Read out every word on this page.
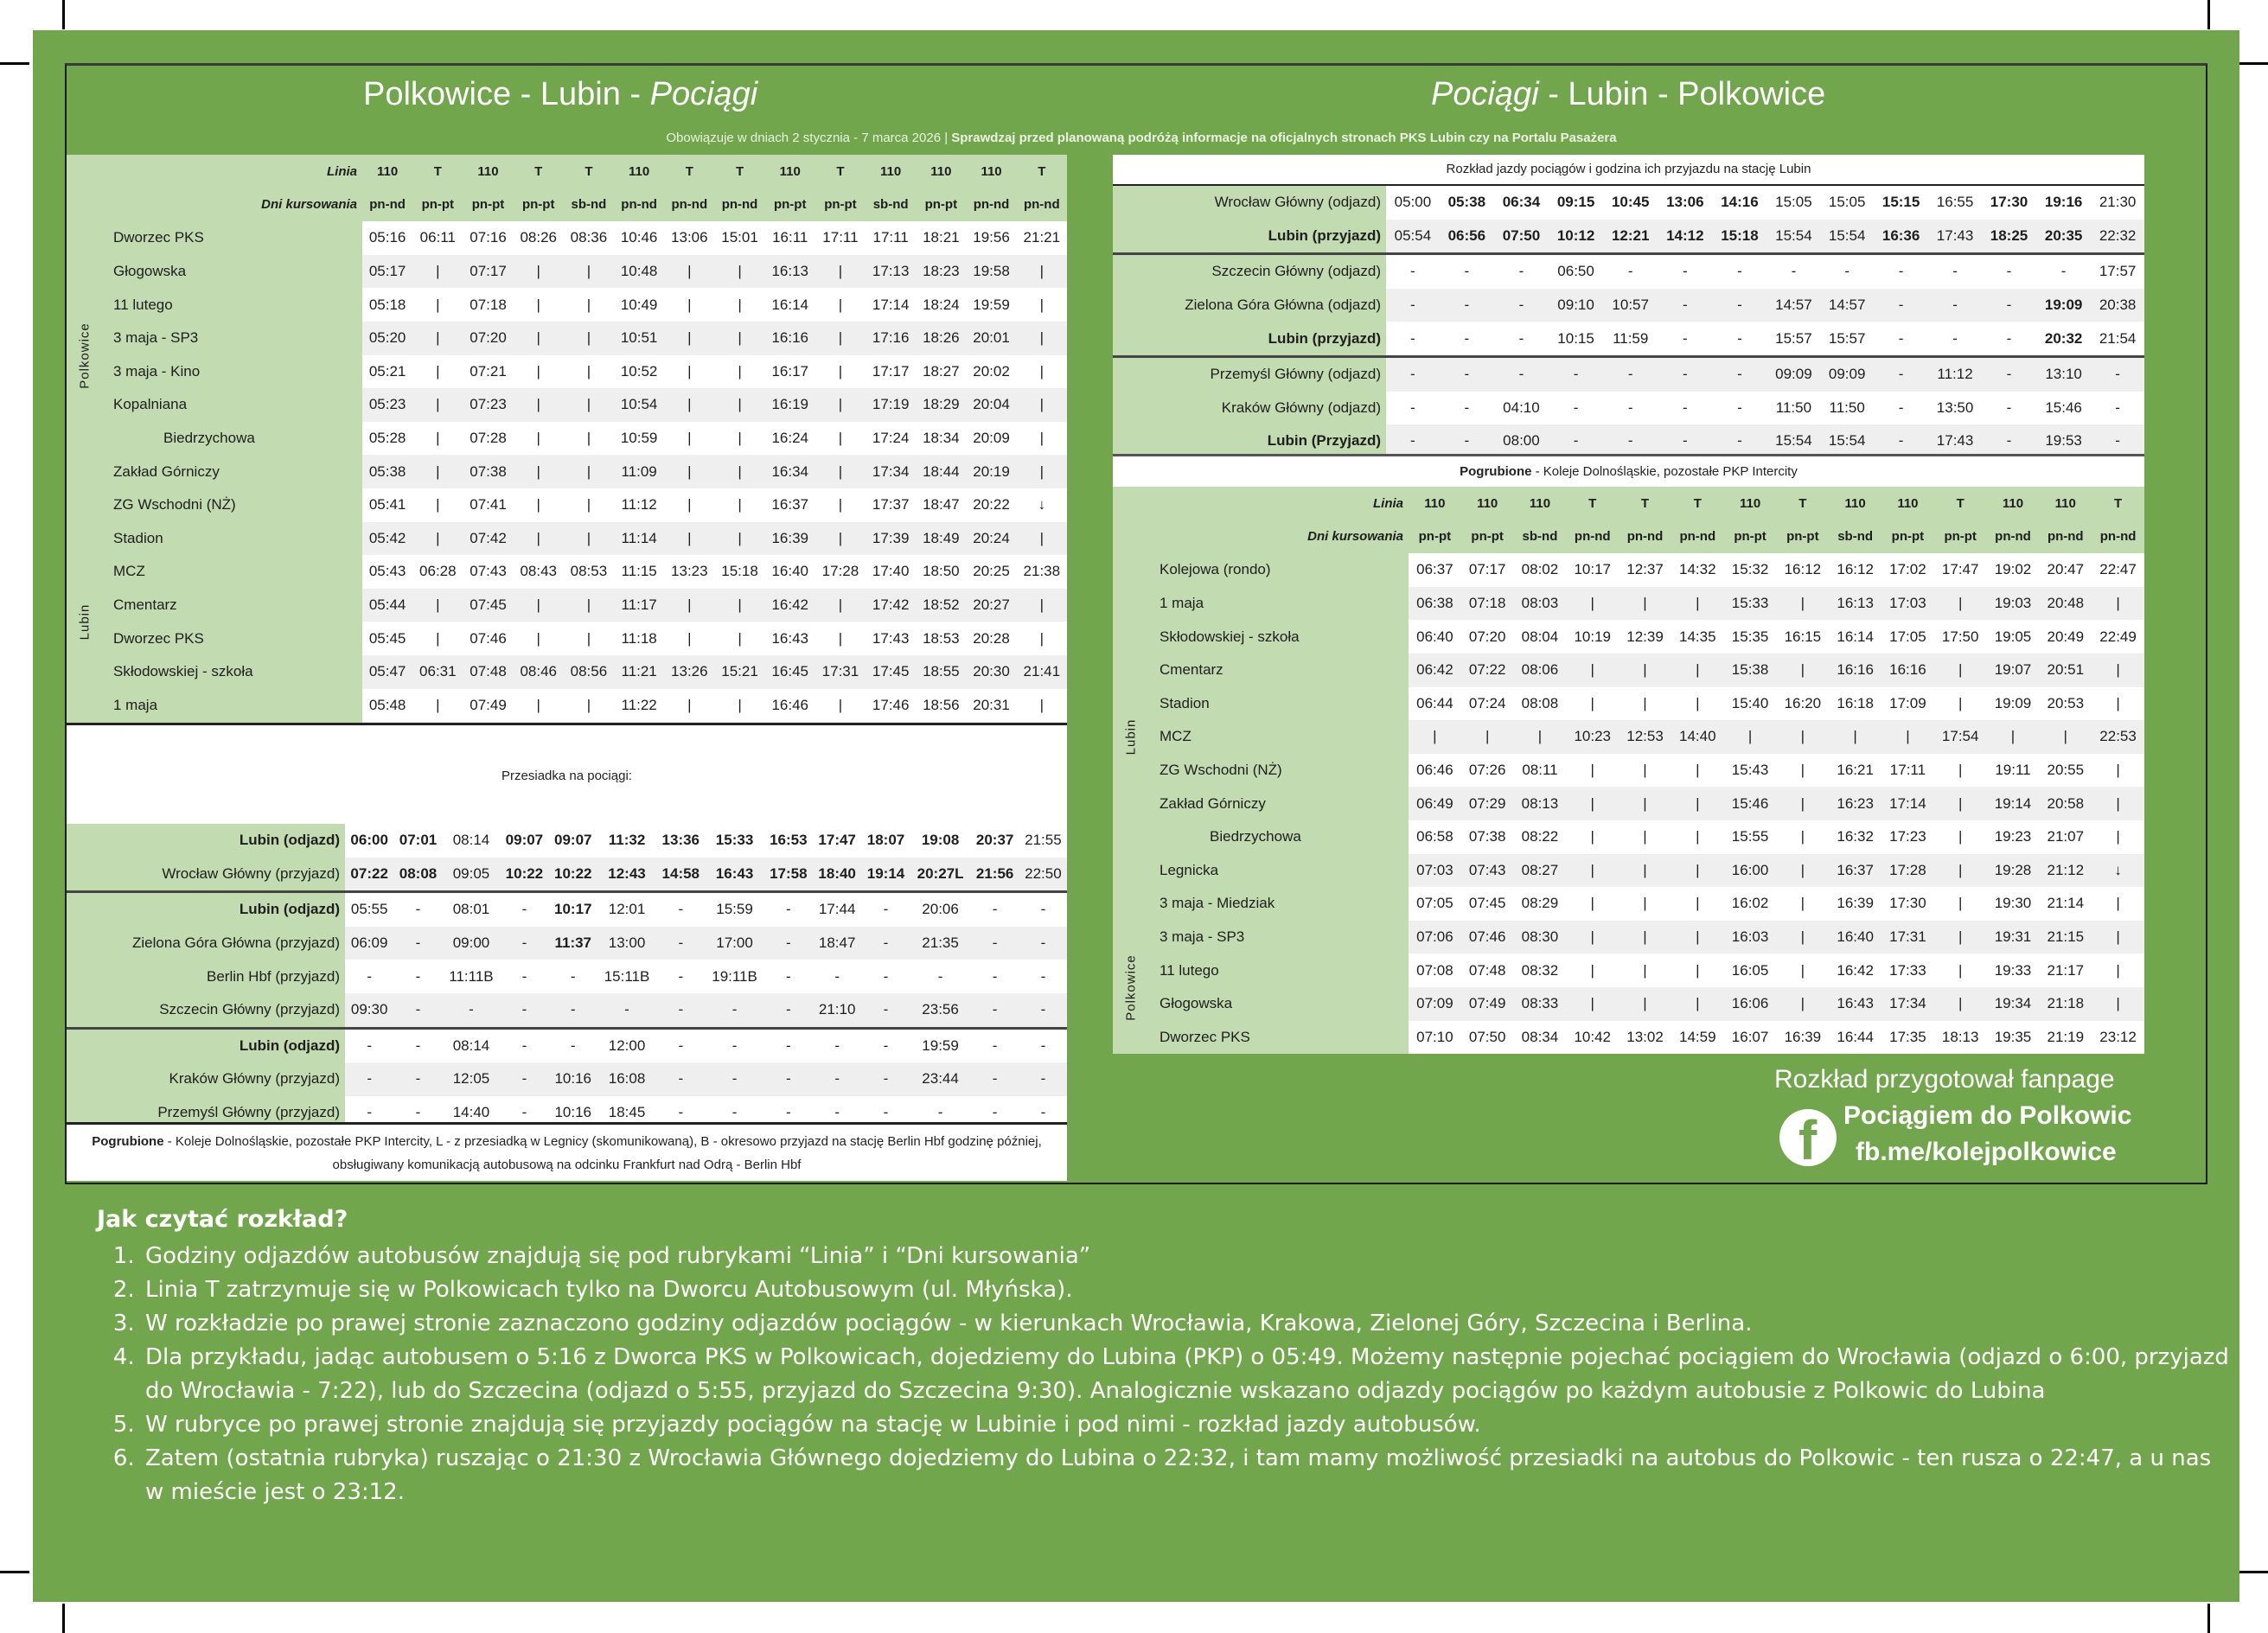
Polkowice - Lubin - Pociągi	Pociągi - Lubin - Polkowice
Obowiązuje w dniach 2 stycznia - 7 marca 2026 | Sprawdzaj przed planowaną podróżą informacje na oficjalnych stronach PKS Lubin czy na Portalu Pasażera
Linia		110	T	110	T	T	110	T	T	110	T	110	110	110	T
Dni kursowania		pn-nd	pn-pt	pn-pt	pn-pt	sb-nd	pn-nd	pn-nd	pn-nd	pn-pt	pn-pt	sb-nd	pn-pt	pn-nd	pn-nd

Polkowice	Dworzec PKS	05:16	06:11	07:16	08:26	08:36	10:46	13:06	15:01	16:11	17:11	17:11	18:21	19:56	21:21
	Głogowska	05:17	|	07:17	|	|	10:48	|	|	16:13	|	17:13	18:23	19:58	|
	11 lutego	05:18	|	07:18	|	|	10:49	|	|	16:14	|	17:14	18:24	19:59	|
	3 maja - SP3	05:20	|	07:20	|	|	10:51	|	|	16:16	|	17:16	18:26	20:01	|
	3 maja - Kino	05:21	|	07:21	|	|	10:52	|	|	16:17	|	17:17	18:27	20:02	|
	Kopalniana	05:23	|	07:23	|	|	10:54	|	|	16:19	|	17:19	18:29	20:04	|
	Biedrzychowa	05:28	|	07:28	|	|	10:59	|	|	16:24	|	17:24	18:34	20:09	|
	Zakład Górniczy	05:38	|	07:38	|	|	11:09	|	|	16:34	|	17:34	18:44	20:19	|

Lubin	ZG Wschodni (NŻ)	05:41	|	07:41	|	|	11:12	|	|	16:37	|	17:37	18:47	20:22	↓
	Stadion	05:42	|	07:42	|	|	11:14	|	|	16:39	|	17:39	18:49	20:24	|
	MCZ	05:43	06:28	07:43	08:43	08:53	11:15	13:23	15:18	16:40	17:28	17:40	18:50	20:25	21:38
	Cmentarz	05:44	|	07:45	|	|	11:17	|	|	16:42	|	17:42	18:52	20:27	|
	Dworzec PKS	05:45	|	07:46	|	|	11:18	|	|	16:43	|	17:43	18:53	20:28	|
	Skłodowskiej - szkoła	05:47	06:31	07:48	08:46	08:56	11:21	13:26	15:21	16:45	17:31	17:45	18:55	20:30	21:41
	1 maja	05:48	|	07:49	|	|	11:22	|	|	16:46	|	17:46	18:56	20:31	|

Przesiadka na pociągi:
Lubin (odjazd)	06:00	07:01	08:14	09:07	09:07	11:32	13:36	15:33	16:53	17:47	18:07	19:08	20:37	21:55
Wrocław Główny (przyjazd)	07:22	08:08	09:05	10:22	10:22	12:43	14:58	16:43	17:58	18:40	19:14	20:27L	21:56	22:50
Lubin (odjazd)	05:55	-	08:01	-	10:17	12:01	-	15:59	-	17:44	-	20:06	-	-
Zielona Góra Główna (przyjazd)	06:09	-	09:00	-	11:37	13:00	-	17:00	-	18:47	-	21:35	-	-
Berlin Hbf (przyjazd)	-	-	11:11B	-	-	15:11B	-	19:11B	-	-	-	-	-	-
Szczecin Główny (przyjazd)	09:30	-	-	-	-	-	-	-	-	21:10	-	23:56	-	-
Lubin (odjazd)	-	-	08:14	-	-	12:00	-	-	-	-	-	19:59	-	-
Kraków Główny (przyjazd)	-	-	12:05	-	10:16	16:08	-	-	-	-	-	23:44	-	-
Przemyśl Główny (przyjazd)	-	-	14:40	-	10:16	18:45	-	-	-	-	-	-	-	-
Pogrubione - Koleje Dolnośląskie, pozostałe PKP Intercity, L - z przesiadką w Legnicy (skomunikowaną), B - okresowo przyjazd na stację Berlin Hbf godzinę później, obsługiwany komunikacją autobusową na odcinku Frankfurt nad Odrą - Berlin Hbf
Rozkład jazdy pociągów i godzina ich przyjazdu na stację Lubin
Wrocław Główny (odjazd)	05:00	05:38	06:34	09:15	10:45	13:06	14:16	15:05	15:05	15:15	16:55	17:30	19:16	21:30
Lubin (przyjazd)	05:54	06:56	07:50	10:12	12:21	14:12	15:18	15:54	15:54	16:36	17:43	18:25	20:35	22:32
Szczecin Główny (odjazd)	-	-	-	06:50	-	-	-	-	-	-	-	-	-	17:57
Zielona Góra Główna (odjazd)	-	-	-	09:10	10:57	-	-	14:57	14:57	-	-	-	19:09	20:38
Lubin (przyjazd)	-	-	-	10:15	11:59	-	-	15:57	15:57	-	-	-	20:32	21:54
Przemyśl Główny (odjazd)	-	-	-	-	-	-	-	09:09	09:09	-	11:12	-	13:10	-
Kraków Główny (odjazd)	-	-	04:10	-	-	-	-	11:50	11:50	-	13:50	-	15:46	-
Lubin (Przyjazd)	-	-	08:00	-	-	-	-	15:54	15:54	-	17:43	-	19:53	-
Pogrubione - Koleje Dolnośląskie, pozostałe PKP Intercity
Linia		110	110	110	T	T	T	110	T	110	110	T	110	110	T
Dni kursowania		pn-pt	pn-pt	sb-nd	pn-nd	pn-nd	pn-nd	pn-pt	pn-pt	sb-nd	pn-pt	pn-pt	pn-nd	pn-nd	pn-nd

Lubin	Kolejowa (rondo)	06:37	07:17	08:02	10:17	12:37	14:32	15:32	16:12	16:12	17:02	17:47	19:02	20:47	22:47
	1 maja	06:38	07:18	08:03	|	|	|	15:33	|	16:13	17:03	|	19:03	20:48	|
	Skłodowskiej - szkoła	06:40	07:20	08:04	10:19	12:39	14:35	15:35	16:15	16:14	17:05	17:50	19:05	20:49	22:49
	Cmentarz	06:42	07:22	08:06	|	|	|	15:38	|	16:16	16:16	|	19:07	20:51	|
	Stadion	06:44	07:24	08:08	|	|	|	15:40	16:20	16:18	17:09	|	19:09	20:53	|
	MCZ	|	|	|	10:23	12:53	14:40	|	|	|	|	17:54	|	|	22:53
	ZG Wschodni (NŻ)	06:46	07:26	08:11	|	|	|	15:43	|	16:21	17:11	|	19:11	20:55	|
	Zakład Górniczy	06:49	07:29	08:13	|	|	|	15:46	|	16:23	17:14	|	19:14	20:58	|
	Biedrzychowa	06:58	07:38	08:22	|	|	|	15:55	|	16:32	17:23	|	19:23	21:07	|
	Legnicka	07:03	07:43	08:27	|	|	|	16:00	|	16:37	17:28	|	19:28	21:12	↓
	3 maja - Miedziak	07:05	07:45	08:29	|	|	|	16:02	|	16:39	17:30	|	19:30	21:14	|

Polkowice	3 maja - SP3	07:06	07:46	08:30	|	|	|	16:03	|	16:40	17:31	|	19:31	21:15	|
	11 lutego	07:08	07:48	08:32	|	|	|	16:05	|	16:42	17:33	|	19:33	21:17	|
	Głogowska	07:09	07:49	08:33	|	|	|	16:06	|	16:43	17:34	|	19:34	21:18	|
	Dworzec PKS	07:10	07:50	08:34	10:42	13:02	14:59	16:07	16:39	16:44	17:35	18:13	19:35	21:19	23:12
Rozkład przygotował fanpage
f Pociągiem do Polkowic
fb.me/kolejpolkowice
Jak czytać rozkład?
1. Godziny odjazdów autobusów znajdują się pod rubrykami “Linia” i “Dni kursowania”
2. Linia T zatrzymuje się w Polkowicach tylko na Dworcu Autobusowym (ul. Młyńska).
3. W rozkładzie po prawej stronie zaznaczono godziny odjazdów pociągów - w kierunkach Wrocławia, Krakowa, Zielonej Góry, Szczecina i Berlina.
4. Dla przykładu, jadąc autobusem o 5:16 z Dworca PKS w Polkowicach, dojedziemy do Lubina (PKP) o 05:49. Możemy następnie pojechać pociągiem do Wrocławia (odjazd o 6:00, przyjazd do Wrocławia - 7:22), lub do Szczecina (odjazd o 5:55, przyjazd do Szczecina 9:30). Analogicznie wskazano odjazdy pociągów po każdym autobusie z Polkowic do Lubina
5. W rubryce po prawej stronie znajdują się przyjazdy pociągów na stację w Lubinie i pod nimi - rozkład jazdy autobusów.
6. Zatem (ostatnia rubryka) ruszając o 21:30 z Wrocławia Głównego dojedziemy do Lubina o 22:32, i tam mamy możliwość przesiadki na autobus do Polkowic - ten rusza o 22:47, a u nas w mieście jest o 23:12.
